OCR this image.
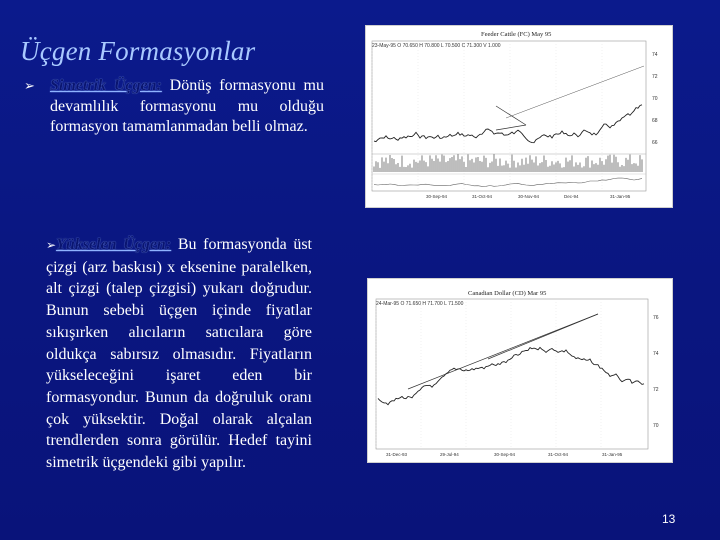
Üçgen Formasyonlar
➢ Simetrik Üçgen: Dönüş formasyonu mu devamlılık formasyonu mu olduğu formasyon tamamlanmadan belli olmaz.
➢Yükselen Üçgen: Bu formasyonda üst çizgi (arz baskısı) x eksenine paralelken, alt çizgi (talep çizgisi) yukarı doğrudur. Bunun sebebi üçgen içinde fiyatlar sıkışırken alıcıların satıcılara göre oldukça sabırsız olmasıdır. Fiyatların yükseleceğini işaret eden bir formasyondur. Bunun da doğruluk oranı çok yüksektir. Doğal olarak alçalan trendlerden sonra görülür. Hedef tayini simetrik üçgendeki gibi yapılır.
Feeder Cattle (FC) May 95
23-May-95 O 70.650 H 70.800 L 70.500 C 71.300 V 1.000
74
72
70
68
66
30-Sep-94	31-Oct-94	30-Nov-94	Dec-94	31-Jan-95
Canadian Dollar (CD) Mar 95
24-Mar-95 O 71.650 H 71.700 L 71.500
76
74
72
70
31-Dec-93	29-Jul-94	30-Sep-94	31-Oct-94	31-Jan-95
13
